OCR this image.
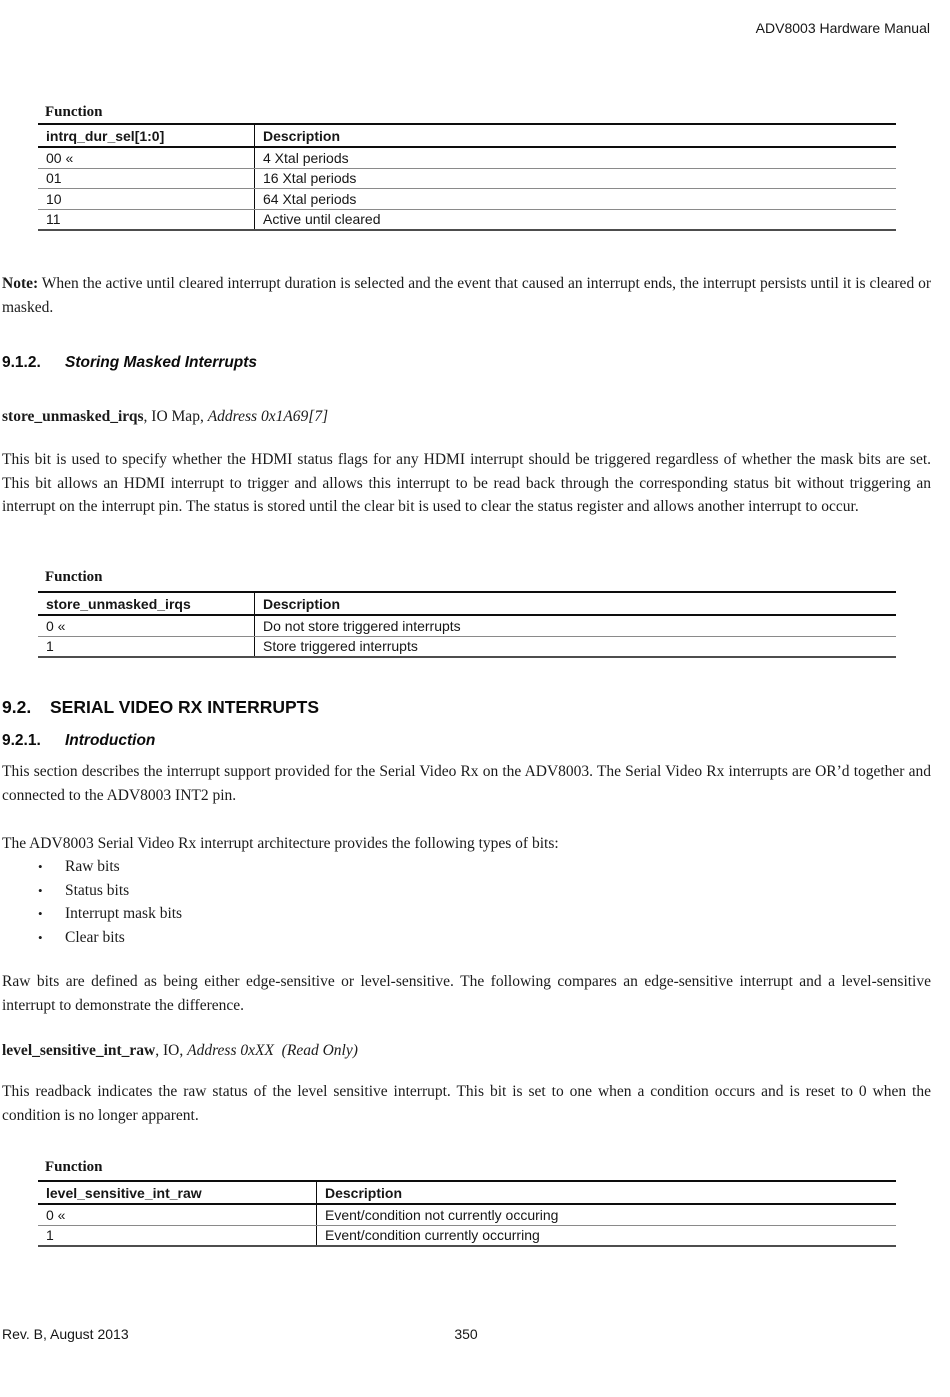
ADV8003 Hardware Manual
Function
intrq_dur_sel[1:0]	Description
00 «	4 Xtal periods
01	16 Xtal periods
10	64 Xtal periods
11	Active until cleared
Note: When the active until cleared interrupt duration is selected and the event that caused an interrupt ends, the interrupt persists until it is cleared or masked.
9.1.2. Storing Masked Interrupts
store_unmasked_irqs, IO Map, Address 0x1A69[7]
This bit is used to specify whether the HDMI status flags for any HDMI interrupt should be triggered regardless of whether the mask bits are set. This bit allows an HDMI interrupt to trigger and allows this interrupt to be read back through the corresponding status bit without triggering an interrupt on the interrupt pin. The status is stored until the clear bit is used to clear the status register and allows another interrupt to occur.
Function
store_unmasked_irqs	Description
0 «	Do not store triggered interrupts
1	Store triggered interrupts
9.2. SERIAL VIDEO RX INTERRUPTS
9.2.1. Introduction
This section describes the interrupt support provided for the Serial Video Rx on the ADV8003. The Serial Video Rx interrupts are OR’d together and connected to the ADV8003 INT2 pin.
The ADV8003 Serial Video Rx interrupt architecture provides the following types of bits:
• Raw bits
• Status bits
• Interrupt mask bits
• Clear bits
Raw bits are defined as being either edge-sensitive or level-sensitive. The following compares an edge-sensitive interrupt and a level-sensitive interrupt to demonstrate the difference.
level_sensitive_int_raw, IO, Address 0xXX  (Read Only)
This readback indicates the raw status of the level sensitive interrupt. This bit is set to one when a condition occurs and is reset to 0 when the condition is no longer apparent.
Function
level_sensitive_int_raw	Description
0 «	Event/condition not currently occuring
1	Event/condition currently occurring
Rev. B, August 2013	350
